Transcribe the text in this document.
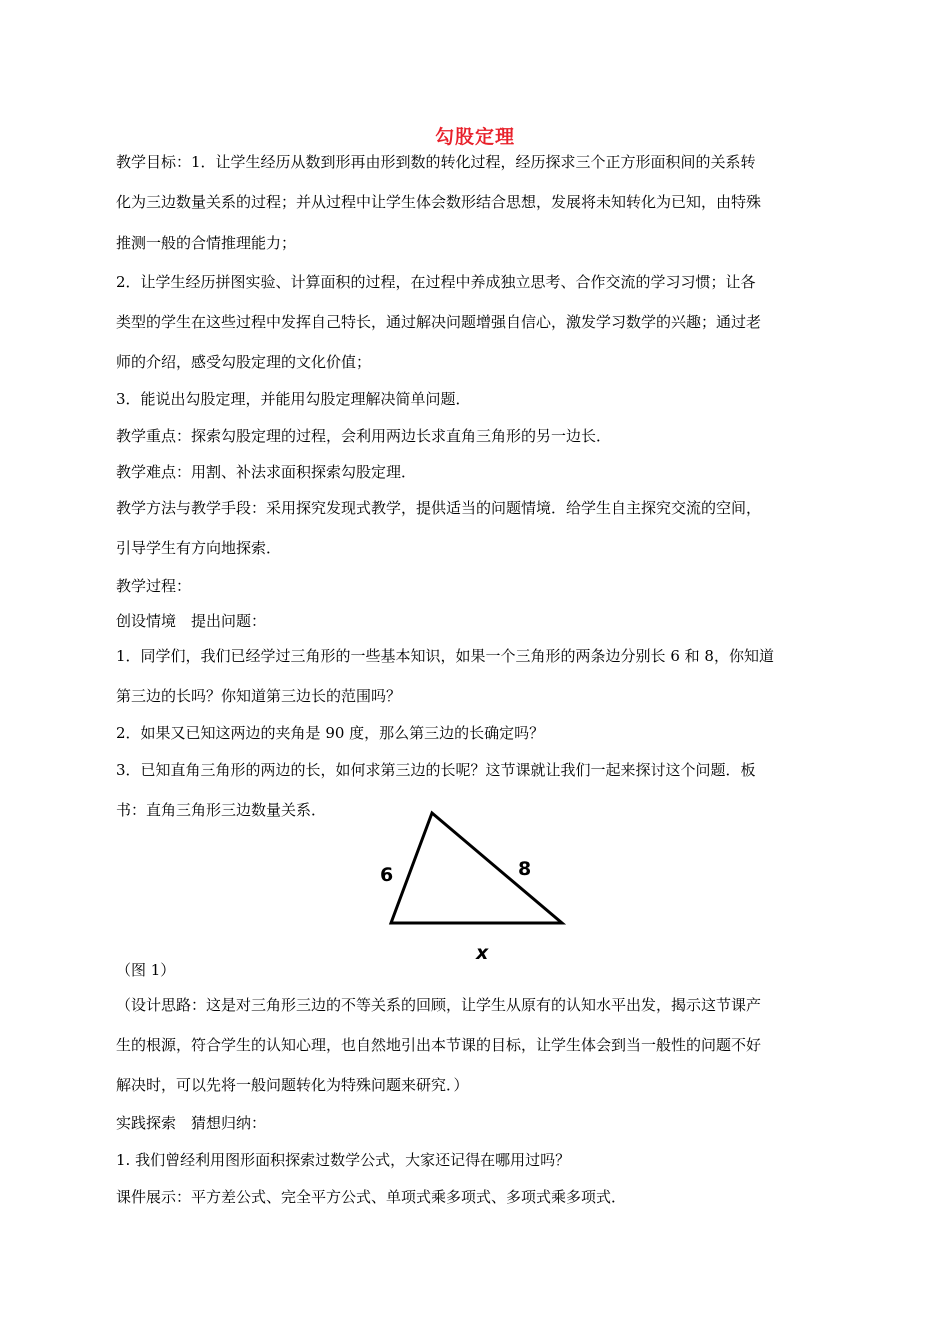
勾股定理
教学目标：1．让学生经历从数到形再由形到数的转化过程，经历探求三个正方形面积间的关系转
化为三边数量关系的过程；并从过程中让学生体会数形结合思想，发展将未知转化为已知，由特殊
推测一般的合情推理能力；
2．让学生经历拼图实验、计算面积的过程，在过程中养成独立思考、合作交流的学习习惯；让各
类型的学生在这些过程中发挥自己特长，通过解决问题增强自信心，激发学习数学的兴趣；通过老
师的介绍，感受勾股定理的文化价值；
3．能说出勾股定理，并能用勾股定理解决简单问题．
教学重点：探索勾股定理的过程，会利用两边长求直角三角形的另一边长．
教学难点：用割、补法求面积探索勾股定理．
教学方法与教学手段：采用探究发现式教学，提供适当的问题情境．给学生自主探究交流的空间，
引导学生有方向地探索．
教学过程：
创设情境　提出问题：
1．同学们，我们已经学过三角形的一些基本知识，如果一个三角形的两条边分别长 6 和 8，你知道
第三边的长吗？你知道第三边长的范围吗？
2．如果又已知这两边的夹角是 90 度，那么第三边的长确定吗？
3．已知直角三角形的两边的长，如何求第三边的长呢？这节课就让我们一起来探讨这个问题．板
书：直角三角形三边数量关系．
6	8
x
（图 1）
（设计思路：这是对三角形三边的不等关系的回顾，让学生从原有的认知水平出发，揭示这节课产
生的根源，符合学生的认知心理，也自然地引出本节课的目标，让学生体会到当一般性的问题不好
解决时，可以先将一般问题转化为特殊问题来研究．）
实践探索　猜想归纳：
1. 我们曾经利用图形面积探索过数学公式，大家还记得在哪用过吗？
课件展示：平方差公式、完全平方公式、单项式乘多项式、多项式乘多项式．
